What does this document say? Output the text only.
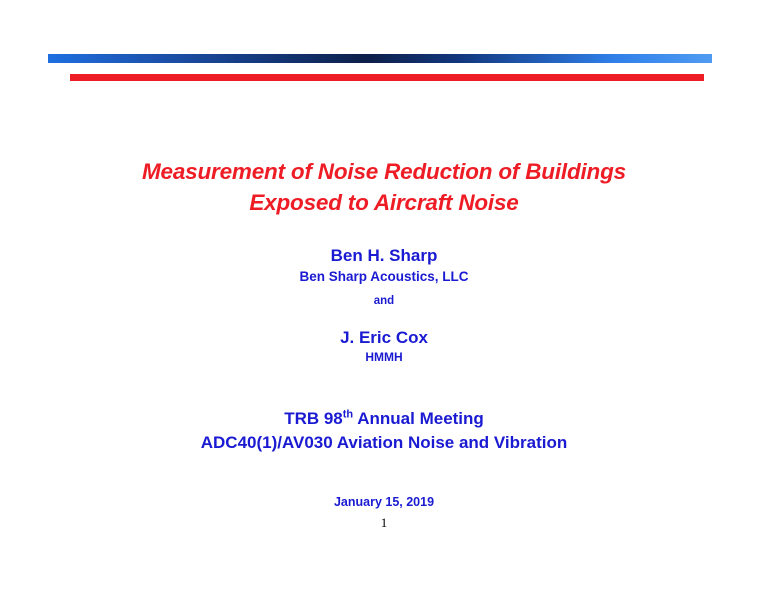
Measurement of Noise Reduction of Buildings
Exposed to Aircraft Noise
Ben H. Sharp
Ben Sharp Acoustics, LLC
and
J. Eric Cox
HMMH
TRB 98th Annual Meeting
ADC40(1)/AV030 Aviation Noise and Vibration
January 15, 2019
1
